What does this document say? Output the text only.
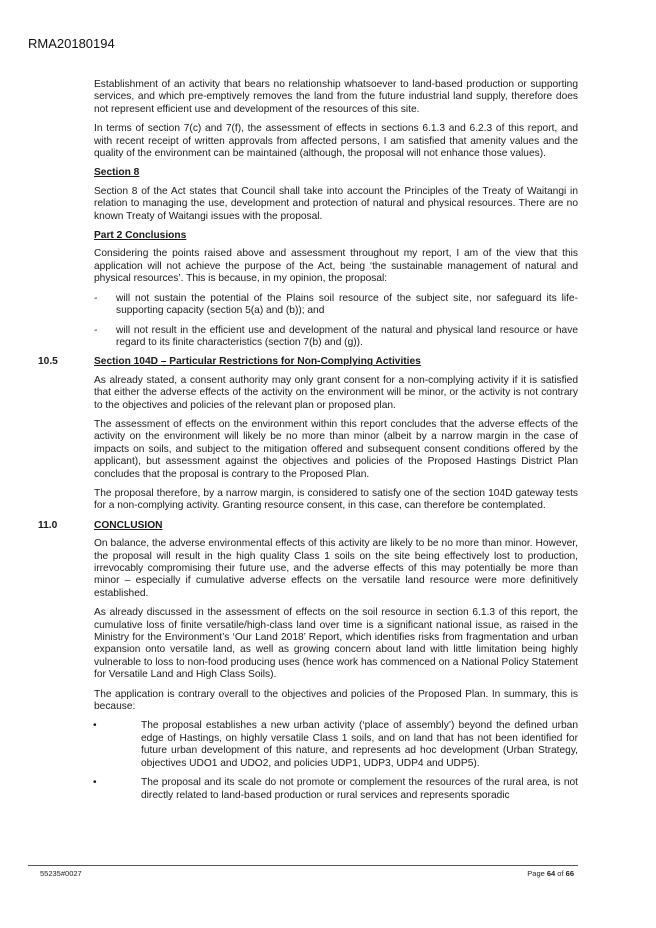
RMA20180194

Establishment of an activity that bears no relationship whatsoever to land-based production or supporting services, and which pre-emptively removes the land from the future industrial land supply, therefore does not represent efficient use and development of the resources of this site.

In terms of section 7(c) and 7(f), the assessment of effects in sections 6.1.3 and 6.2.3 of this report, and with recent receipt of written approvals from affected persons, I am satisfied that amenity values and the quality of the environment can be maintained (although, the proposal will not enhance those values).

Section 8

Section 8 of the Act states that Council shall take into account the Principles of the Treaty of Waitangi in relation to managing the use, development and protection of natural and physical resources. There are no known Treaty of Waitangi issues with the proposal.

Part 2 Conclusions

Considering the points raised above and assessment throughout my report, I am of the view that this application will not achieve the purpose of the Act, being ‘the sustainable management of natural and physical resources’. This is because, in my opinion, the proposal:

- will not sustain the potential of the Plains soil resource of the subject site, nor safeguard its life-supporting capacity (section 5(a) and (b)); and
- will not result in the efficient use and development of the natural and physical land resource or have regard to its finite characteristics (section 7(b) and (g)).
10.5	Section 104D – Particular Restrictions for Non-Complying Activities

As already stated, a consent authority may only grant consent for a non-complying activity if it is satisfied that either the adverse effects of the activity on the environment will be minor, or the activity is not contrary to the objectives and policies of the relevant plan or proposed plan.

The assessment of effects on the environment within this report concludes that the adverse effects of the activity on the environment will likely be no more than minor (albeit by a narrow margin in the case of impacts on soils, and subject to the mitigation offered and subsequent consent conditions offered by the applicant), but assessment against the objectives and policies of the Proposed Hastings District Plan concludes that the proposal is contrary to the Proposed Plan.

The proposal therefore, by a narrow margin, is considered to satisfy one of the section 104D gateway tests for a non-complying activity. Granting resource consent, in this case, can therefore be contemplated.

11.0	CONCLUSION

On balance, the adverse environmental effects of this activity are likely to be no more than minor. However, the proposal will result in the high quality Class 1 soils on the site being effectively lost to production, irrevocably compromising their future use, and the adverse effects of this may potentially be more than minor – especially if cumulative adverse effects on the versatile land resource were more definitively established.

As already discussed in the assessment of effects on the soil resource in section 6.1.3 of this report, the cumulative loss of finite versatile/high-class land over time is a significant national issue, as raised in the Ministry for the Environment’s ‘Our Land 2018’ Report, which identifies risks from fragmentation and urban expansion onto versatile land, as well as growing concern about land with little limitation being highly vulnerable to loss to non-food producing uses (hence work has commenced on a National Policy Statement for Versatile Land and High Class Soils).

The application is contrary overall to the objectives and policies of the Proposed Plan. In summary, this is because:

•	The proposal establishes a new urban activity (‘place of assembly’) beyond the defined urban edge of Hastings, on highly versatile Class 1 soils, and on land that has not been identified for future urban development of this nature, and represents ad hoc development (Urban Strategy, objectives UDO1 and UDO2, and policies UDP1, UDP3, UDP4 and UDP5).
•	The proposal and its scale do not promote or complement the resources of the rural area, is not directly related to land-based production or rural services and represents sporadic
55235#0027	Page 64 of 66
